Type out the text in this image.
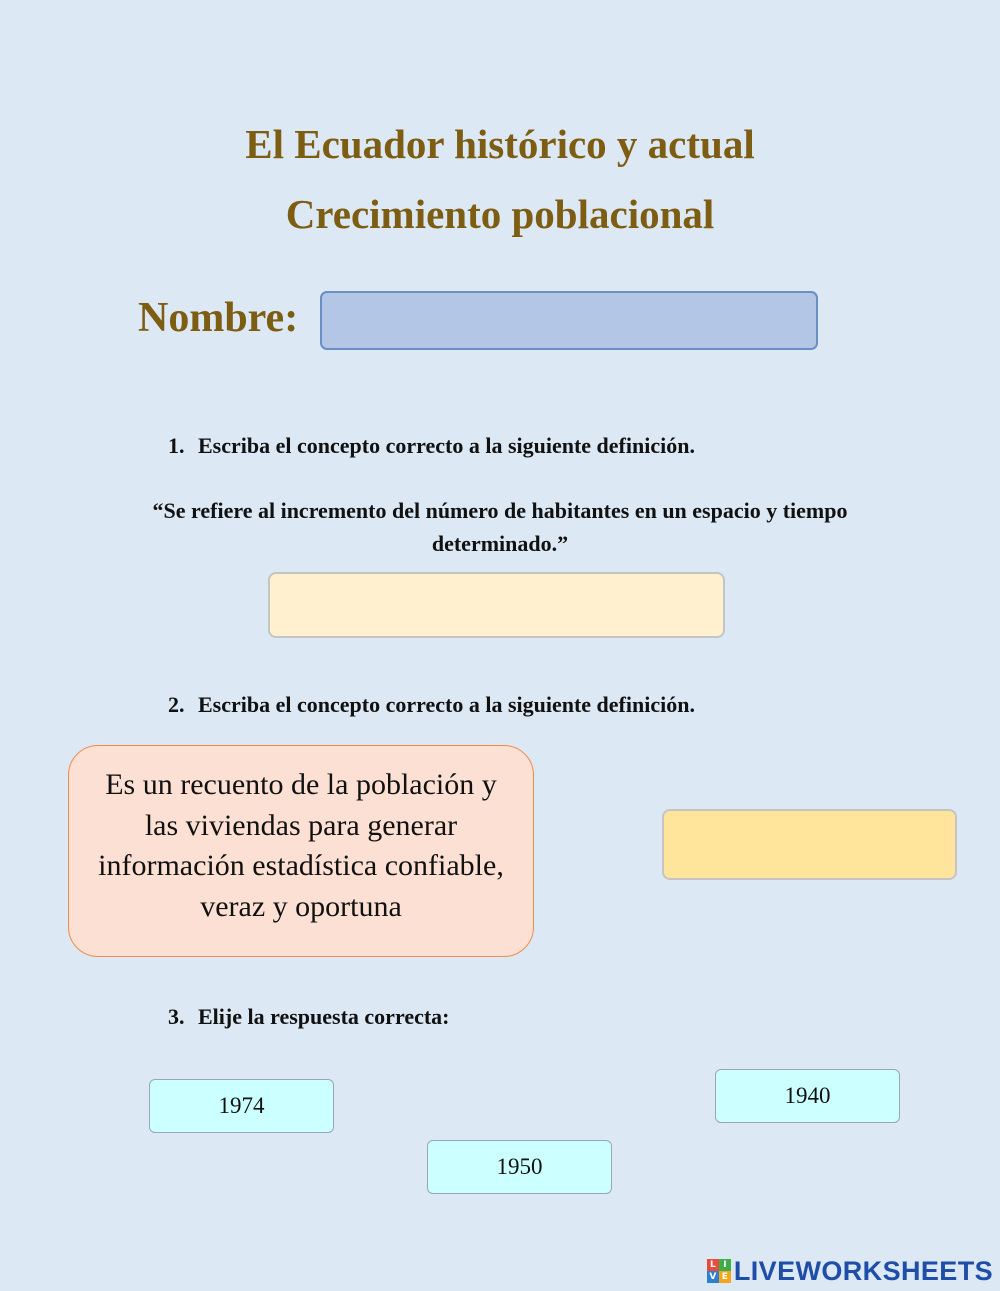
El Ecuador histórico y actual
Crecimiento poblacional
Nombre:
1. Escriba el concepto correcto a la siguiente definición.
“Se refiere al incremento del número de habitantes en un espacio y tiempo determinado.”
2. Escriba el concepto correcto a la siguiente definición.
Es un recuento de la población y las viviendas para generar información estadística confiable, veraz y oportuna
3. Elije la respuesta correcta:
1974
1950
1940
L I
V E LIVEWORKSHEETS
